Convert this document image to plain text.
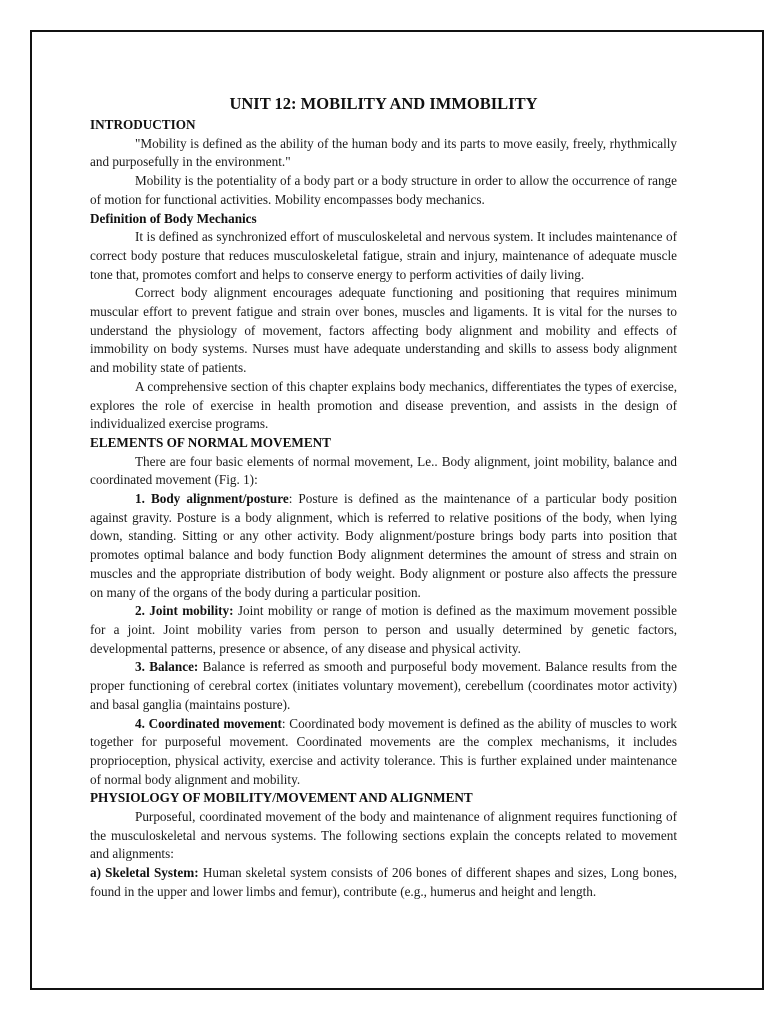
UNIT 12: MOBILITY AND IMMOBILITY

INTRODUCTION

"Mobility is defined as the ability of the human body and its parts to move easily, freely, rhythmically and purposefully in the environment."

Mobility is the potentiality of a body part or a body structure in order to allow the occurrence of range of motion for functional activities. Mobility encompasses body mechanics.

Definition of Body Mechanics

It is defined as synchronized effort of musculoskeletal and nervous system. It includes maintenance of correct body posture that reduces musculoskeletal fatigue, strain and injury, maintenance of adequate muscle tone that, promotes comfort and helps to conserve energy to perform activities of daily living.

Correct body alignment encourages adequate functioning and positioning that requires minimum muscular effort to prevent fatigue and strain over bones, muscles and ligaments. It is vital for the nurses to understand the physiology of movement, factors affecting body alignment and mobility and effects of immobility on body systems. Nurses must have adequate understanding and skills to assess body alignment and mobility state of patients.

A comprehensive section of this chapter explains body mechanics, differentiates the types of exercise, explores the role of exercise in health promotion and disease prevention, and assists in the design of individualized exercise programs.

ELEMENTS OF NORMAL MOVEMENT

There are four basic elements of normal movement, Le.. Body alignment, joint mobility, balance and coordinated movement (Fig. 1):

1. Body alignment/posture: Posture is defined as the maintenance of a particular body position against gravity. Posture is a body alignment, which is referred to relative positions of the body, when lying down, standing. Sitting or any other activity. Body alignment/posture brings body parts into position that promotes optimal balance and body function Body alignment determines the amount of stress and strain on muscles and the appropriate distribution of body weight. Body alignment or posture also affects the pressure on many of the organs of the body during a particular position.

2. Joint mobility: Joint mobility or range of motion is defined as the maximum movement possible for a joint. Joint mobility varies from person to person and usually determined by genetic factors, developmental patterns, presence or absence, of any disease and physical activity.

3. Balance: Balance is referred as smooth and purposeful body movement. Balance results from the proper functioning of cerebral cortex (initiates voluntary movement), cerebellum (coordinates motor activity) and basal ganglia (maintains posture).

4. Coordinated movement: Coordinated body movement is defined as the ability of muscles to work together for purposeful movement. Coordinated movements are the complex mechanisms, it includes proprioception, physical activity, exercise and activity tolerance. This is further explained under maintenance of normal body alignment and mobility.

PHYSIOLOGY OF MOBILITY/MOVEMENT AND ALIGNMENT

Purposeful, coordinated movement of the body and maintenance of alignment requires functioning of the musculoskeletal and nervous systems. The following sections explain the concepts related to movement and alignments:

a) Skeletal System: Human skeletal system consists of 206 bones of different shapes and sizes, Long bones, found in the upper and lower limbs and femur), contribute (e.g., humerus and height and length.
